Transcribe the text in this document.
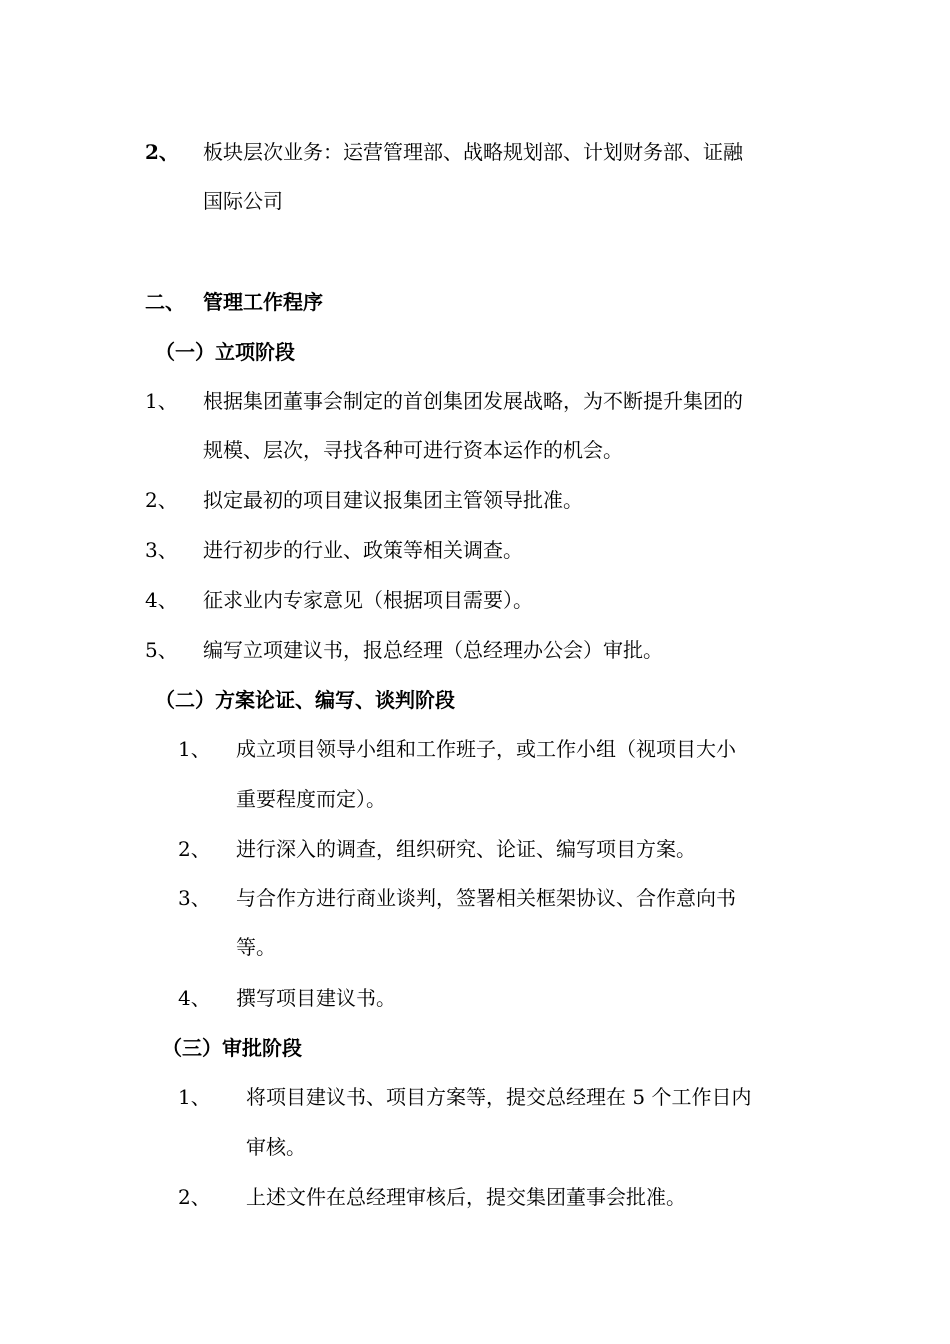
2、 板块层次业务：运营管理部、战略规划部、计划财务部、证融
国际公司
二、 管理工作程序
（一）立项阶段
1、 根据集团董事会制定的首创集团发展战略，为不断提升集团的
规模、层次，寻找各种可进行资本运作的机会。
2、 拟定最初的项目建议报集团主管领导批准。
3、 进行初步的行业、政策等相关调查。
4、 征求业内专家意见（根据项目需要）。
5、 编写立项建议书，报总经理（总经理办公会）审批。
（二）方案论证、编写、谈判阶段
1、 成立项目领导小组和工作班子，或工作小组（视项目大小
重要程度而定）。
2、 进行深入的调查，组织研究、论证、编写项目方案。
3、 与合作方进行商业谈判，签署相关框架协议、合作意向书
等。
4、 撰写项目建议书。
（三）审批阶段
1、 将项目建议书、项目方案等，提交总经理在 5 个工作日内
审核。
2、 上述文件在总经理审核后，提交集团董事会批准。
